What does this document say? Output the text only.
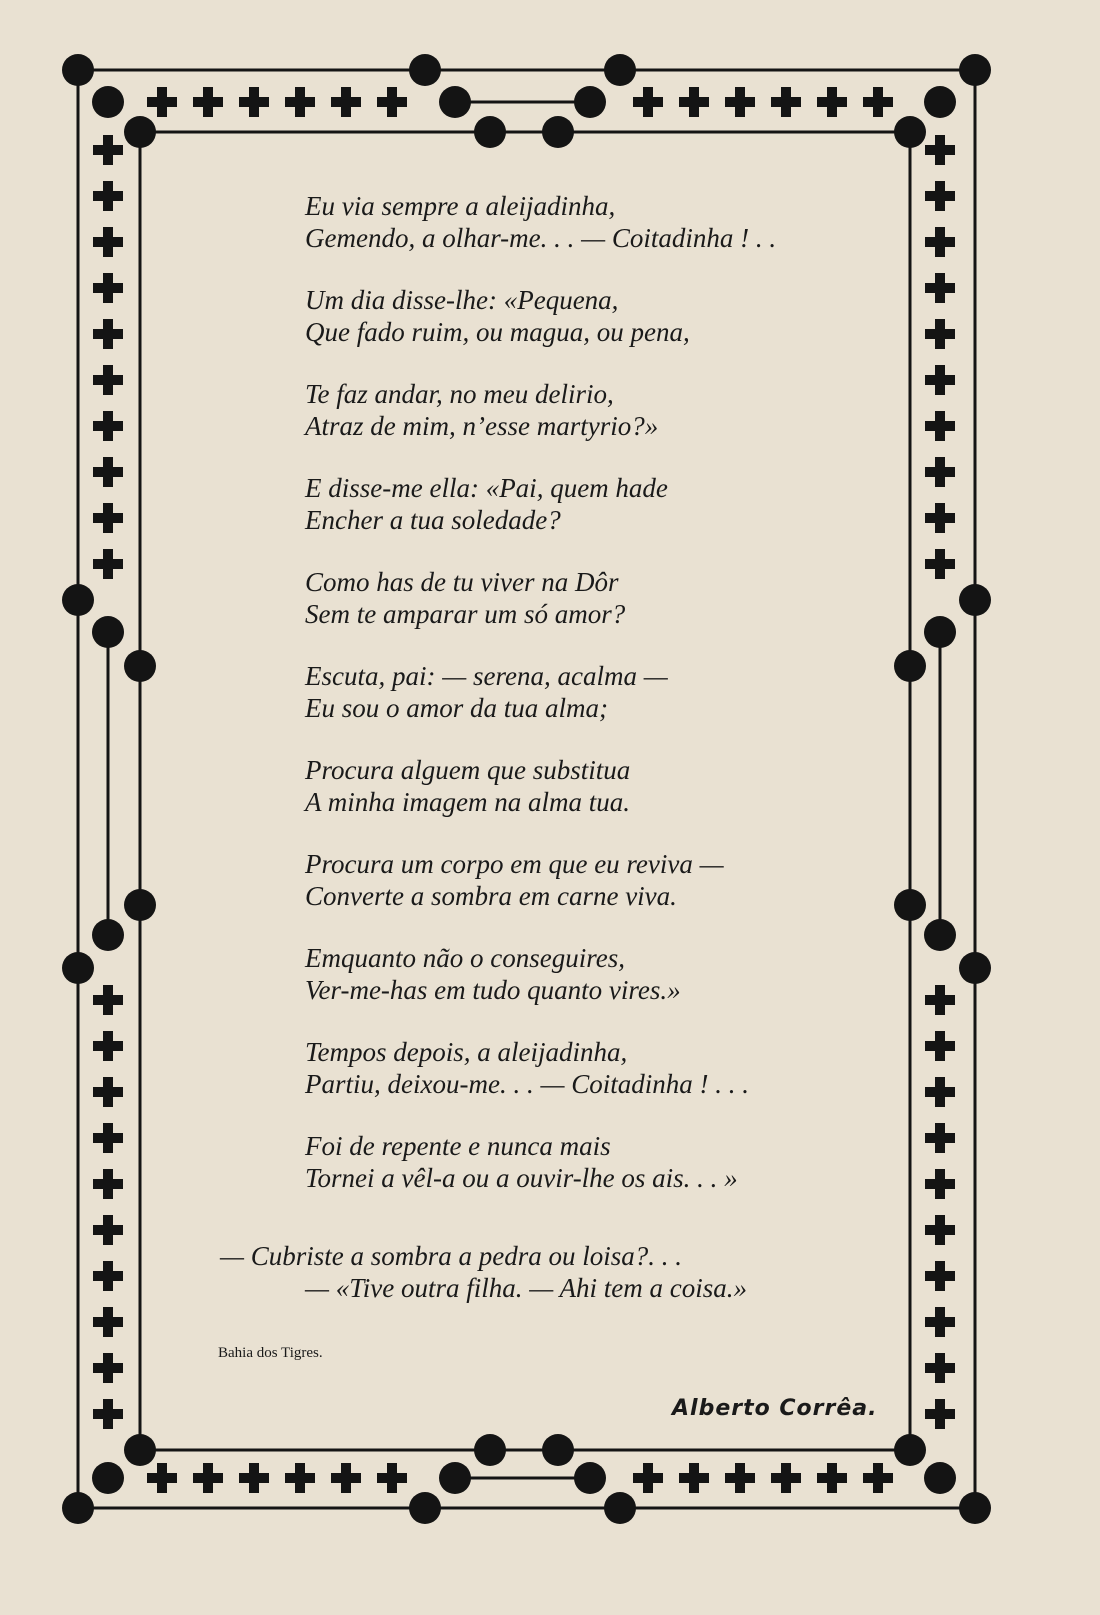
Eu via sempre a aleijadinha,
Gemendo, a olhar-me. . . — Coitadinha ! . .
Um dia disse-lhe: «Pequena,
Que fado ruim, ou magua, ou pena,
Te faz andar, no meu delirio,
Atraz de mim, n’esse martyrio?»
E disse-me ella: «Pai, quem hade
Encher a tua soledade?
Como has de tu viver na Dôr
Sem te amparar um só amor?
Escuta, pai: — serena, acalma —
Eu sou o amor da tua alma;
Procura alguem que substitua
A minha imagem na alma tua.
Procura um corpo em que eu reviva —
Converte a sombra em carne viva.
Emquanto não o conseguires,
Ver-me-has em tudo quanto vires.»
Tempos depois, a aleijadinha,
Partiu, deixou-me. . . — Coitadinha ! . . .
Foi de repente e nunca mais
Tornei a vêl-a ou a ouvir-lhe os ais. . . »
— Cubriste a sombra a pedra ou loisa?. . .
— «Tive outra filha. — Ahi tem a coisa.»
Bahia dos Tigres.
Alberto Corrêa.
